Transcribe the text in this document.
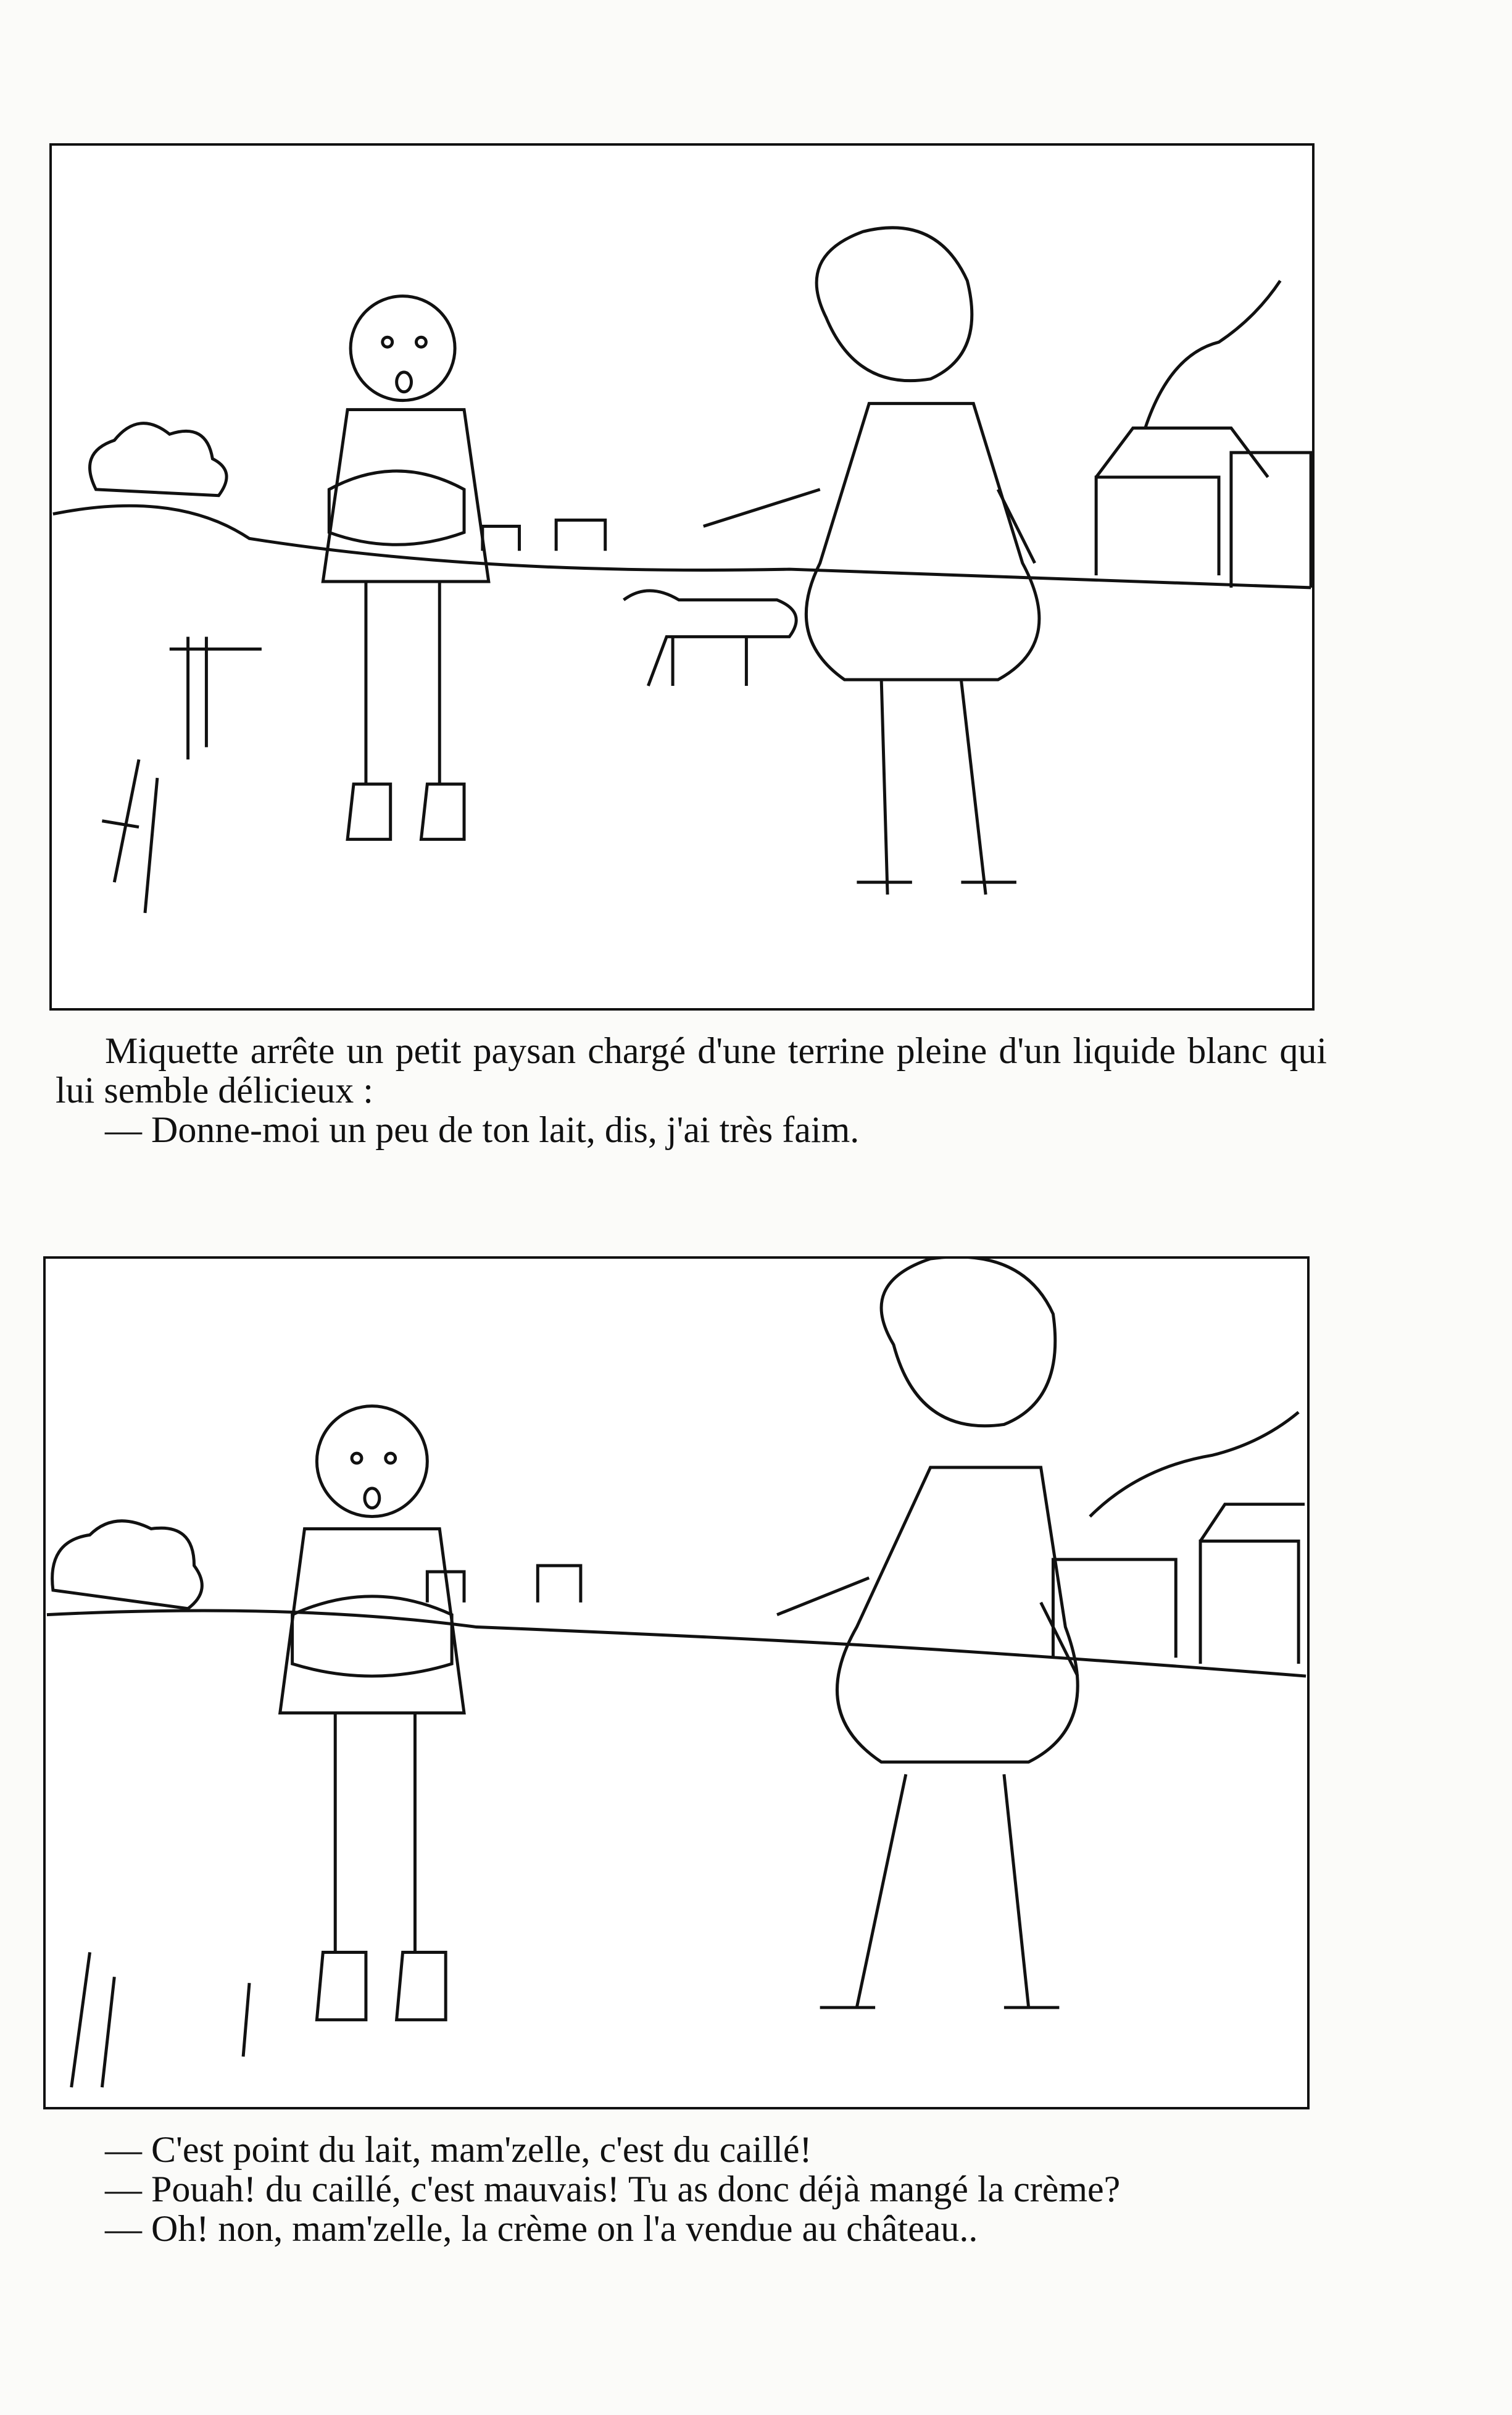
Miquette arrête un petit paysan chargé d'une terrine pleine d'un liquide blanc qui lui semble délicieux :

— Donne-moi un peu de ton lait, dis, j'ai très faim.

— C'est point du lait, mam'zelle, c'est du caillé!

— Pouah! du caillé, c'est mauvais! Tu as donc déjà mangé la crème?

— Oh! non, mam'zelle, la crème on l'a vendue au château..
